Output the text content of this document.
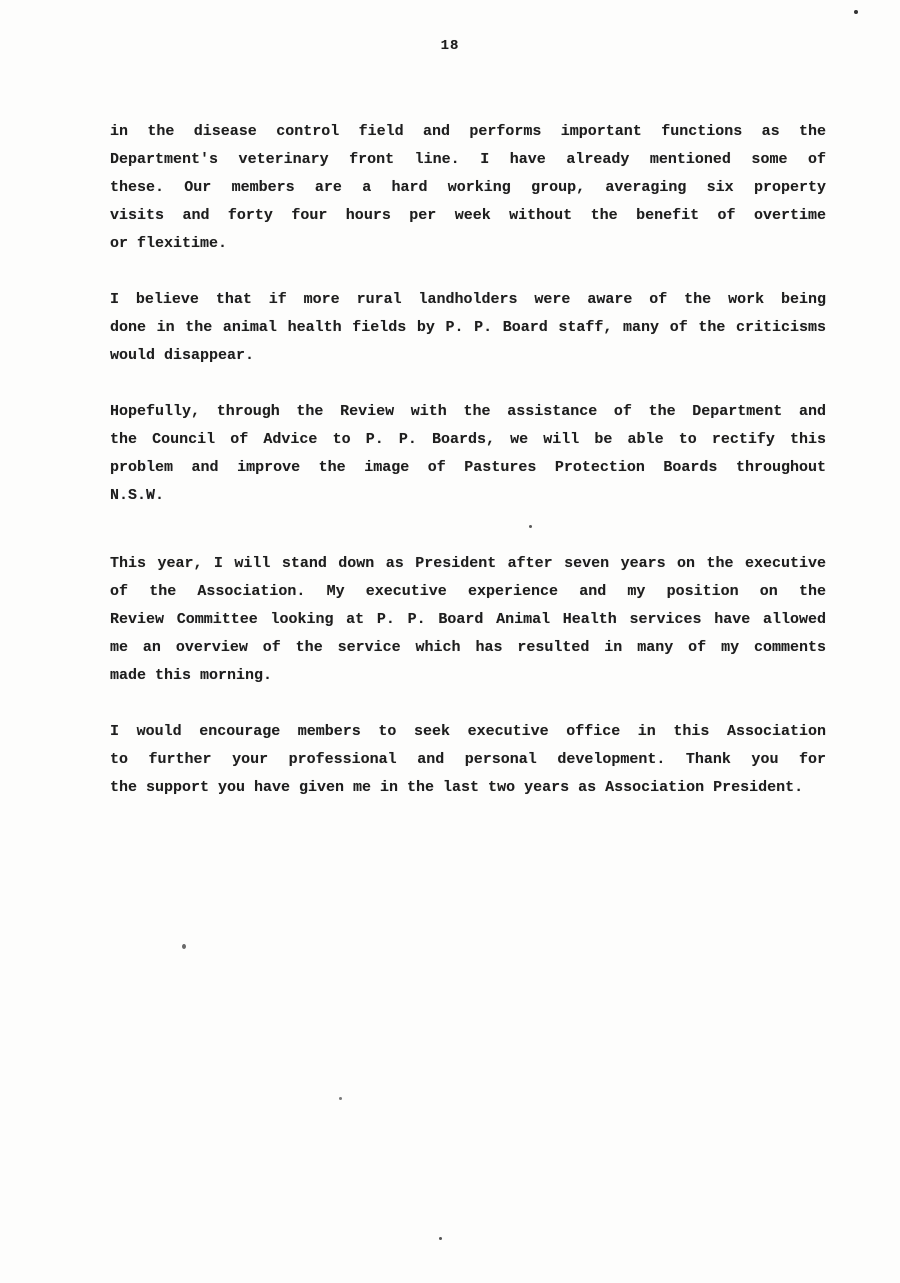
18
in the disease control field and performs important functions as the
Department's veterinary front line. I have already mentioned some of
these. Our members are a hard working group, averaging six property
visits and forty four hours per week without the benefit of overtime
or flexitime.
I believe that if more rural landholders were aware of the work being
done in the animal health fields by P. P. Board staff, many of the criticisms
would disappear.
Hopefully, through the Review with the assistance of the Department and
the Council of Advice to P. P. Boards, we will be able to rectify this
problem and improve the image of Pastures Protection Boards throughout
N.S.W.
This year, I will stand down as President after seven years on the executive
of the Association. My executive experience and my position on the
Review Committee looking at P. P. Board Animal Health services have allowed
me an overview of the service which has resulted in many of my comments
made this morning.
I would encourage members to seek executive office in this Association
to further your professional and personal development. Thank you for
the support you have given me in the last two years as Association President.
